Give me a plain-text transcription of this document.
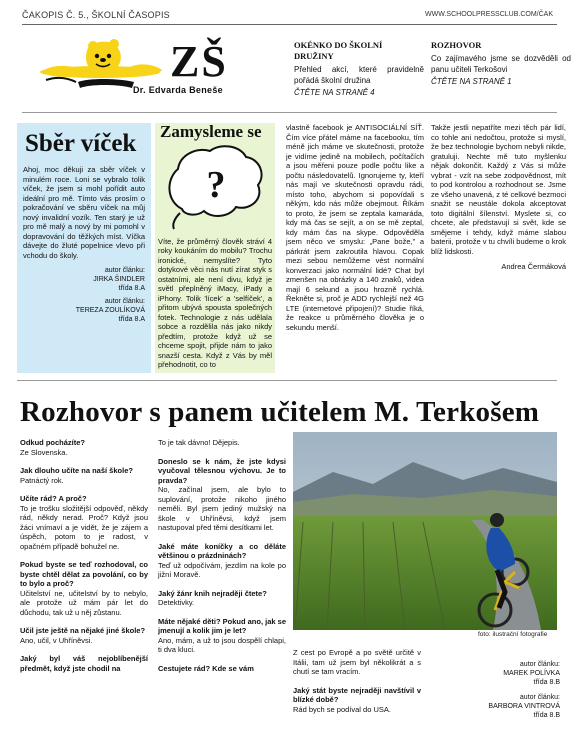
ČAKOPIS Č. 5., ŠKOLNÍ ČASOPIS	WWW.SCHOOLPRESSCLUB.COM/ČAK
ZŠ
Dr. Edvarda Beneše
OKÉNKO DO ŠKOLNÍ DRUŽINY

Přehled akcí, které pravidelně pořádá školní družina

ČTĚTE NA STRANĚ 4

ROZHOVOR

Co zajímavého jsme se dozvěděli od panu učiteli Terkošovi

ČTĚTE NA STRANĚ 1

Sběr víček

Ahoj, moc děkuji za sběr víček v minulém roce. Loni se vybralo tolik víček, že jsem si mohl pořídit auto ideální pro mě. Tímto vás prosím o pokračování ve sběru víček na můj nový invalidní vozík. Ten starý je už pro mě malý a nový by mi pomohl v dopravování do těžkých míst. Víčka dávejte do žluté popelnice vlevo při vchodu do školy.

autor článku:
JIRKA ŠINDLER
třída 8.A
autor článku:
TEREZA ZOULÍKOVÁ
třída 8.A
Zamysleme se
?

Víte, že průměrný člověk stráví 4 roky koukáním do mobilu? Trochu ironické, nemyslíte? Tyto dotykové věci nás nutí zírat styk s ostatními, ale není divu, když je světl přeplněný iMacy, iPady a iPhony. Tolik 'lícek' a 'selfíček', a přitom ubývá spousta společných fotek. Technologie z nás udělala sobce a rozdělila nás jako nikdy předtím, protože když už se chceme spojit, přijde nám to jako snazší cesta. Když z Vás by měl přehodnotit, co to

vlastně facebook je ANTISOCIÁLNÍ SÍŤ. Čím více přátel máme na facebooku, tím méně jich máme ve skutečnosti, protože je vidíme jedině na mobilech, počítačích a jsou měřeni pouze podle počtu like a počtu následovatelů. Ignorujeme ty, kteří nás mají ve skutečnosti opravdu rádi, místo toho, abychom si popovídali s někým, kdo nás může obejmout. Říkám to proto, že jsem se zeptala kamaráda, kdy má čas se sejít, a on se mě zeptal, kdy mám čas na skype. Odpověděla jsem něco ve smyslu: „Pane bože," a párkrát jsem zakroutila hlavou. Copak mezi sebou nemůžeme vést normální konverzaci jako normální lidé? Chat byl zmenšen na obrázky a 140 znaků, videa mají 6 sekund a jsou hrozně rychlá. Řekněte si, proč je ADD rychlejší než 4G LTE (internetové připojení)? Studie říká, že reakce u průměrného člověka je o sekundu menší.

Takže jestli nepatříte mezi těch pár lidí, co tohle ani nedočtou, protože si myslí, že bez technologie bychom nebyli nikde, gratuluji. Nechte mě tuto myšlenku nějak dokončit. Každý z Vás si může vybrat - vzít na sebe zodpovědnost, mít to pod kontrolou a rozhodnout se. Jsme ze všeho unavená, z té celkové bezmoci snažit se neustále dokola akceptovat toto digitální šílenství. Myslete si, co chcete, ale představují si svět, kde se smějeme i tehdy, když máme slabou baterii, protože v tu chvíli budeme o krok blíž lidskosti.

Andrea Čermáková

Rozhovor s panem učitelem M. Terkošem
Odkud pocházíte?
Ze Slovenska.
Jak dlouho učíte na naší škole?
Patnáctý rok.
Učíte rád? A proč?
To je trošku složitější odpověď, někdy rád, někdy nerad. Proč? Když jsou žáci vnímaví a je vidět, že je zájem a úspěch, potom to je radost, v opačném případě bohužel ne.
Pokud byste se teď rozhodoval, co byste chtěl dělat za povolání, co by to bylo a proč?
Učitelství ne, učitelství by to nebylo, ale protože už mám pár let do důchodu, tak už u něj zůstanu.
Učil jste ještě na nějaké jiné škole?
Ano, učil, v Uhříněvsi.
Jaký byl váš nejoblíbenější předmět, když jste chodil na
To je tak dávno! Dějepis.
Doneslo se k nám, že jste kdysi vyučoval tělesnou výchovu. Je to pravda?
No, začínal jsem, ale bylo to suplování, protože nikoho jiného neměli. Byl jsem jediný mužský na škole v Uhříněvsi, když jsem nastupoval před těmi desítkami let.
Jaké máte koníčky a co děláte většinou o prázdninách?
Teď už odpočívám, jezdím na kole po jižní Moravě.
Jaký žánr knih nejraději čtete?
Detektivky.
Máte nějaké děti? Pokud ano, jak se jmenují a kolik jim je let?
Ano, mám, a už to jsou dospělí chlapi, ti dva kluci.
Cestujete rád? Kde se vám
foto: ilustrační fotografie
Z cest po Evropě a po světě určitě v Itálii, tam už jsem byl několikrát a s chutí se tam vracím.
Jaký stát byste nejraději navštívil v blízké době?
Rád bych se podíval do USA.
autor článku:
MAREK POLÍVKA
třída 8.B
autor článku:
BARBORA VINTROVÁ
třída 8.B
